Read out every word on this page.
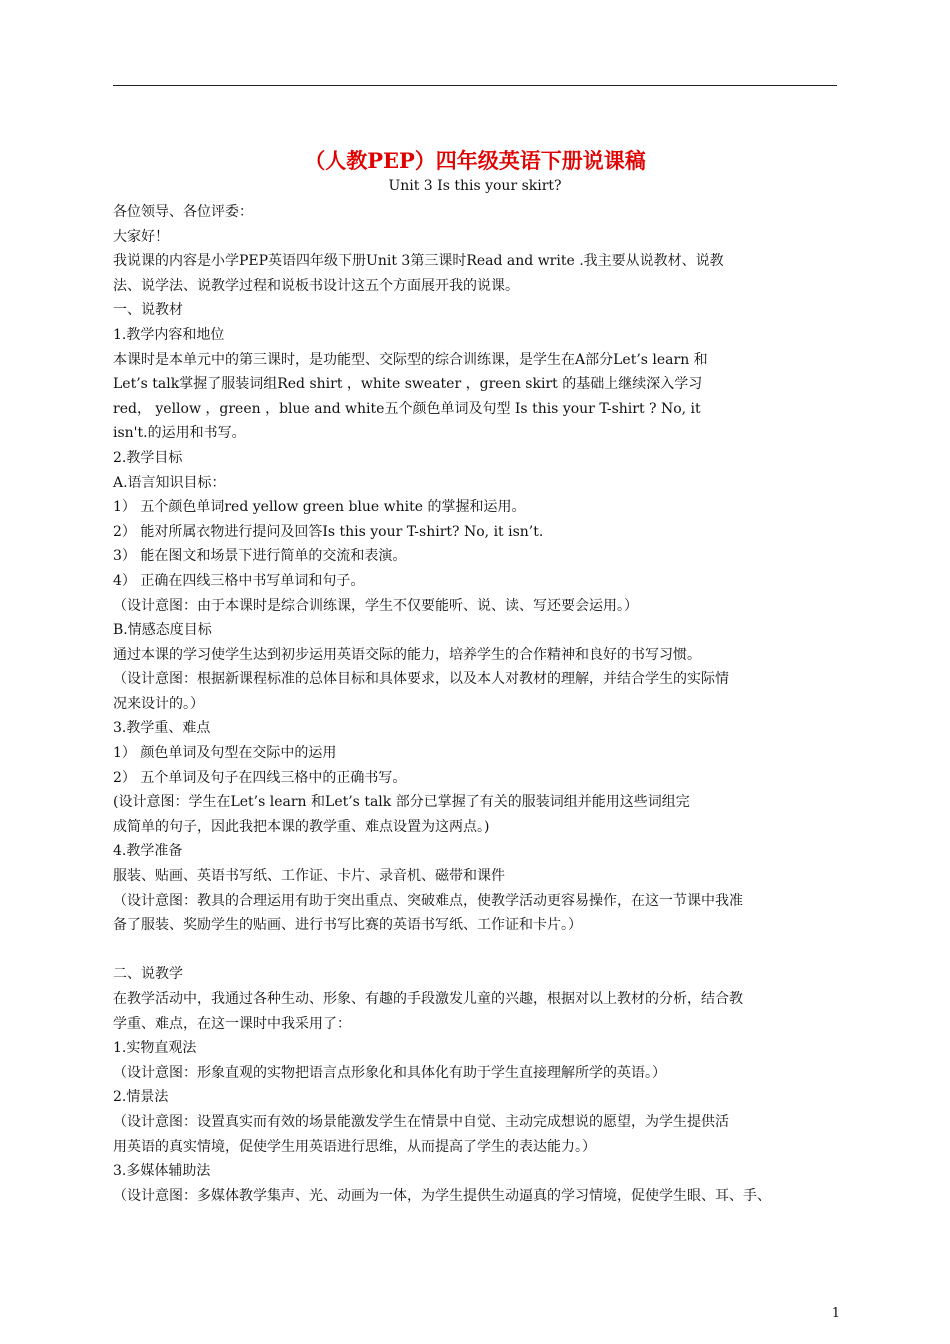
（人教PEP）四年级英语下册说课稿
Unit 3 Is this your skirt?

各位领导、各位评委：

大家好！

我说课的内容是小学PEP英语四年级下册Unit 3第三课时Read and write .我主要从说教材、说教

法、说学法、说教学过程和说板书设计这五个方面展开我的说课。

一、说教材

1.教学内容和地位

本课时是本单元中的第三课时，是功能型、交际型的综合训练课，是学生在A部分Let’s learn 和

Let’s talk掌握了服装词组Red shirt ，white sweater ，green skirt 的基础上继续深入学习

red， yellow ，green ，blue and white五个颜色单词及句型 Is this your T-shirt ? No, it

isn't.的运用和书写。

2.教学目标

A.语言知识目标：

1） 五个颜色单词red yellow green blue white 的掌握和运用。

2） 能对所属衣物进行提问及回答Is this your T-shirt? No, it isn’t.

3） 能在图文和场景下进行简单的交流和表演。

4） 正确在四线三格中书写单词和句子。

（设计意图：由于本课时是综合训练课，学生不仅要能听、说、读、写还要会运用。）

B.情感态度目标

通过本课的学习使学生达到初步运用英语交际的能力，培养学生的合作精神和良好的书写习惯。

（设计意图：根据新课程标准的总体目标和具体要求，以及本人对教材的理解，并结合学生的实际情

况来设计的。）

3.教学重、难点

1） 颜色单词及句型在交际中的运用

2） 五个单词及句子在四线三格中的正确书写。

(设计意图：学生在Let’s learn 和Let’s talk 部分已掌握了有关的服装词组并能用这些词组完

成简单的句子，因此我把本课的教学重、难点设置为这两点。)

4.教学准备

服装、贴画、英语书写纸、工作证、卡片、录音机、磁带和课件

（设计意图：教具的合理运用有助于突出重点、突破难点，使教学活动更容易操作，在这一节课中我准

备了服装、奖励学生的贴画、进行书写比赛的英语书写纸、工作证和卡片。）

二、说教学

在教学活动中，我通过各种生动、形象、有趣的手段激发儿童的兴趣，根据对以上教材的分析，结合教

学重、难点，在这一课时中我采用了：

1.实物直观法

（设计意图：形象直观的实物把语言点形象化和具体化有助于学生直接理解所学的英语。）

2.情景法

（设计意图：设置真实而有效的场景能激发学生在情景中自觉、主动完成想说的愿望，为学生提供活

用英语的真实情境，促使学生用英语进行思维，从而提高了学生的表达能力。）

3.多媒体辅助法

（设计意图：多媒体教学集声、光、动画为一体，为学生提供生动逼真的学习情境，促使学生眼、耳、手、

1
